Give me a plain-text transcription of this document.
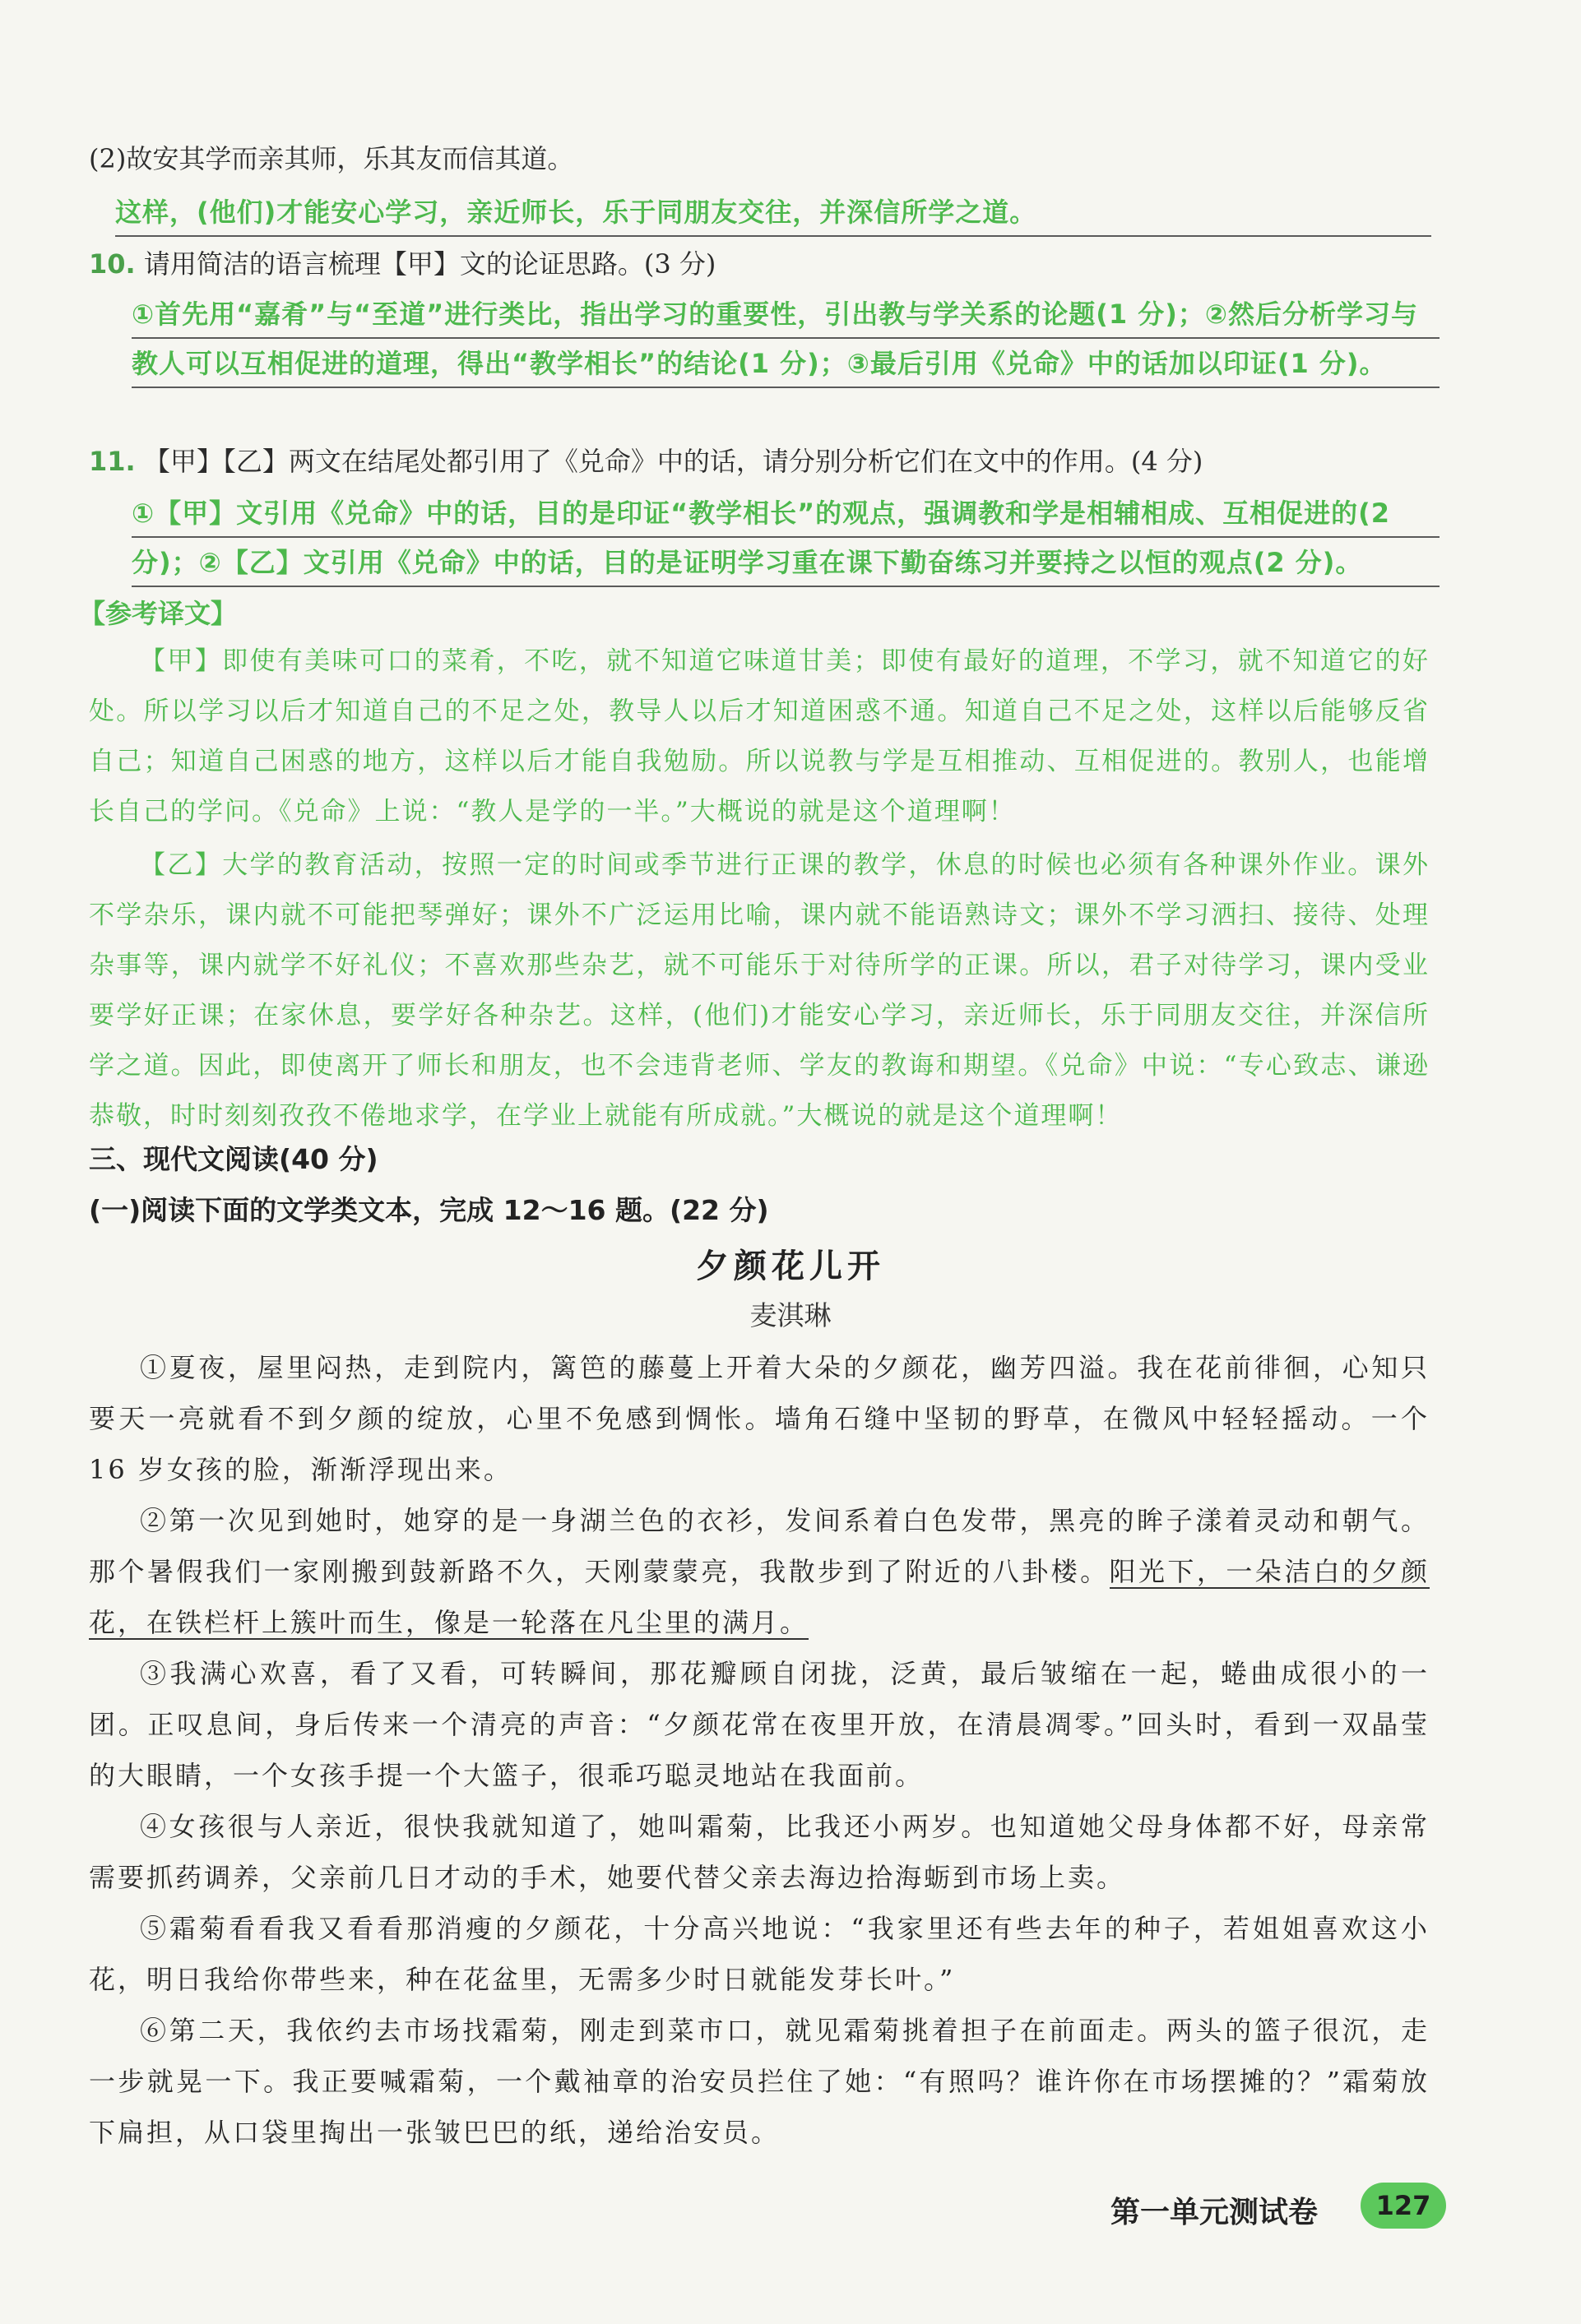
(2)故安其学而亲其师，乐其友而信其道。
这样，(他们)才能安心学习，亲近师长，乐于同朋友交往，并深信所学之道。
10. 请用简洁的语言梳理【甲】文的论证思路。(3 分)
①首先用“嘉肴”与“至道”进行类比，指出学习的重要性，引出教与学关系的论题(1 分)；②然后分析学习与教人可以互相促进的道理，得出“教学相长”的结论(1 分)；③最后引用《兑命》中的话加以印证(1 分)。
11. 【甲】【乙】两文在结尾处都引用了《兑命》中的话，请分别分析它们在文中的作用。(4 分)
①【甲】文引用《兑命》中的话，目的是印证“教学相长”的观点，强调教和学是相辅相成、互相促进的(2 分)；②【乙】文引用《兑命》中的话，目的是证明学习重在课下勤奋练习并要持之以恒的观点(2 分)。
【参考译文】
【甲】即使有美味可口的菜肴，不吃，就不知道它味道甘美；即使有最好的道理，不学习，就不知道它的好处。所以学习以后才知道自己的不足之处，教导人以后才知道困惑不通。知道自己不足之处，这样以后能够反省自己；知道自己困惑的地方，这样以后才能自我勉励。所以说教与学是互相推动、互相促进的。教别人，也能增长自己的学问。《兑命》上说：“教人是学的一半。”大概说的就是这个道理啊！
【乙】大学的教育活动，按照一定的时间或季节进行正课的教学，休息的时候也必须有各种课外作业。课外不学杂乐，课内就不可能把琴弹好；课外不广泛运用比喻，课内就不能语熟诗文；课外不学习洒扫、接待、处理杂事等，课内就学不好礼仪；不喜欢那些杂艺，就不可能乐于对待所学的正课。所以，君子对待学习，课内受业要学好正课；在家休息，要学好各种杂艺。这样，(他们)才能安心学习，亲近师长，乐于同朋友交往，并深信所学之道。因此，即使离开了师长和朋友，也不会违背老师、学友的教诲和期望。《兑命》中说：“专心致志、谦逊恭敬，时时刻刻孜孜不倦地求学，在学业上就能有所成就。”大概说的就是这个道理啊！
三、现代文阅读(40 分)
(一)阅读下面的文学类文本，完成 12～16 题。(22 分)
夕颜花儿开
麦淇琳
①夏夜，屋里闷热，走到院内，篱笆的藤蔓上开着大朵的夕颜花，幽芳四溢。我在花前徘徊，心知只要天一亮就看不到夕颜的绽放，心里不免感到惆怅。墙角石缝中坚韧的野草，在微风中轻轻摇动。一个 16 岁女孩的脸，渐渐浮现出来。
②第一次见到她时，她穿的是一身湖兰色的衣衫，发间系着白色发带，黑亮的眸子漾着灵动和朝气。那个暑假我们一家刚搬到鼓新路不久，天刚蒙蒙亮，我散步到了附近的八卦楼。阳光下，一朵洁白的夕颜花，在铁栏杆上簇叶而生，像是一轮落在凡尘里的满月。
③我满心欢喜，看了又看，可转瞬间，那花瓣顾自闭拢，泛黄，最后皱缩在一起，蜷曲成很小的一团。正叹息间，身后传来一个清亮的声音：“夕颜花常在夜里开放，在清晨凋零。”回头时，看到一双晶莹的大眼睛，一个女孩手提一个大篮子，很乖巧聪灵地站在我面前。
④女孩很与人亲近，很快我就知道了，她叫霜菊，比我还小两岁。也知道她父母身体都不好，母亲常需要抓药调养，父亲前几日才动的手术，她要代替父亲去海边拾海蛎到市场上卖。
⑤霜菊看看我又看看那消瘦的夕颜花，十分高兴地说：“我家里还有些去年的种子，若姐姐喜欢这小花，明日我给你带些来，种在花盆里，无需多少时日就能发芽长叶。”
⑥第二天，我依约去市场找霜菊，刚走到菜市口，就见霜菊挑着担子在前面走。两头的篮子很沉，走一步就晃一下。我正要喊霜菊，一个戴袖章的治安员拦住了她：“有照吗？谁许你在市场摆摊的？”霜菊放下扁担，从口袋里掏出一张皱巴巴的纸，递给治安员。
第一单元测试卷	127
